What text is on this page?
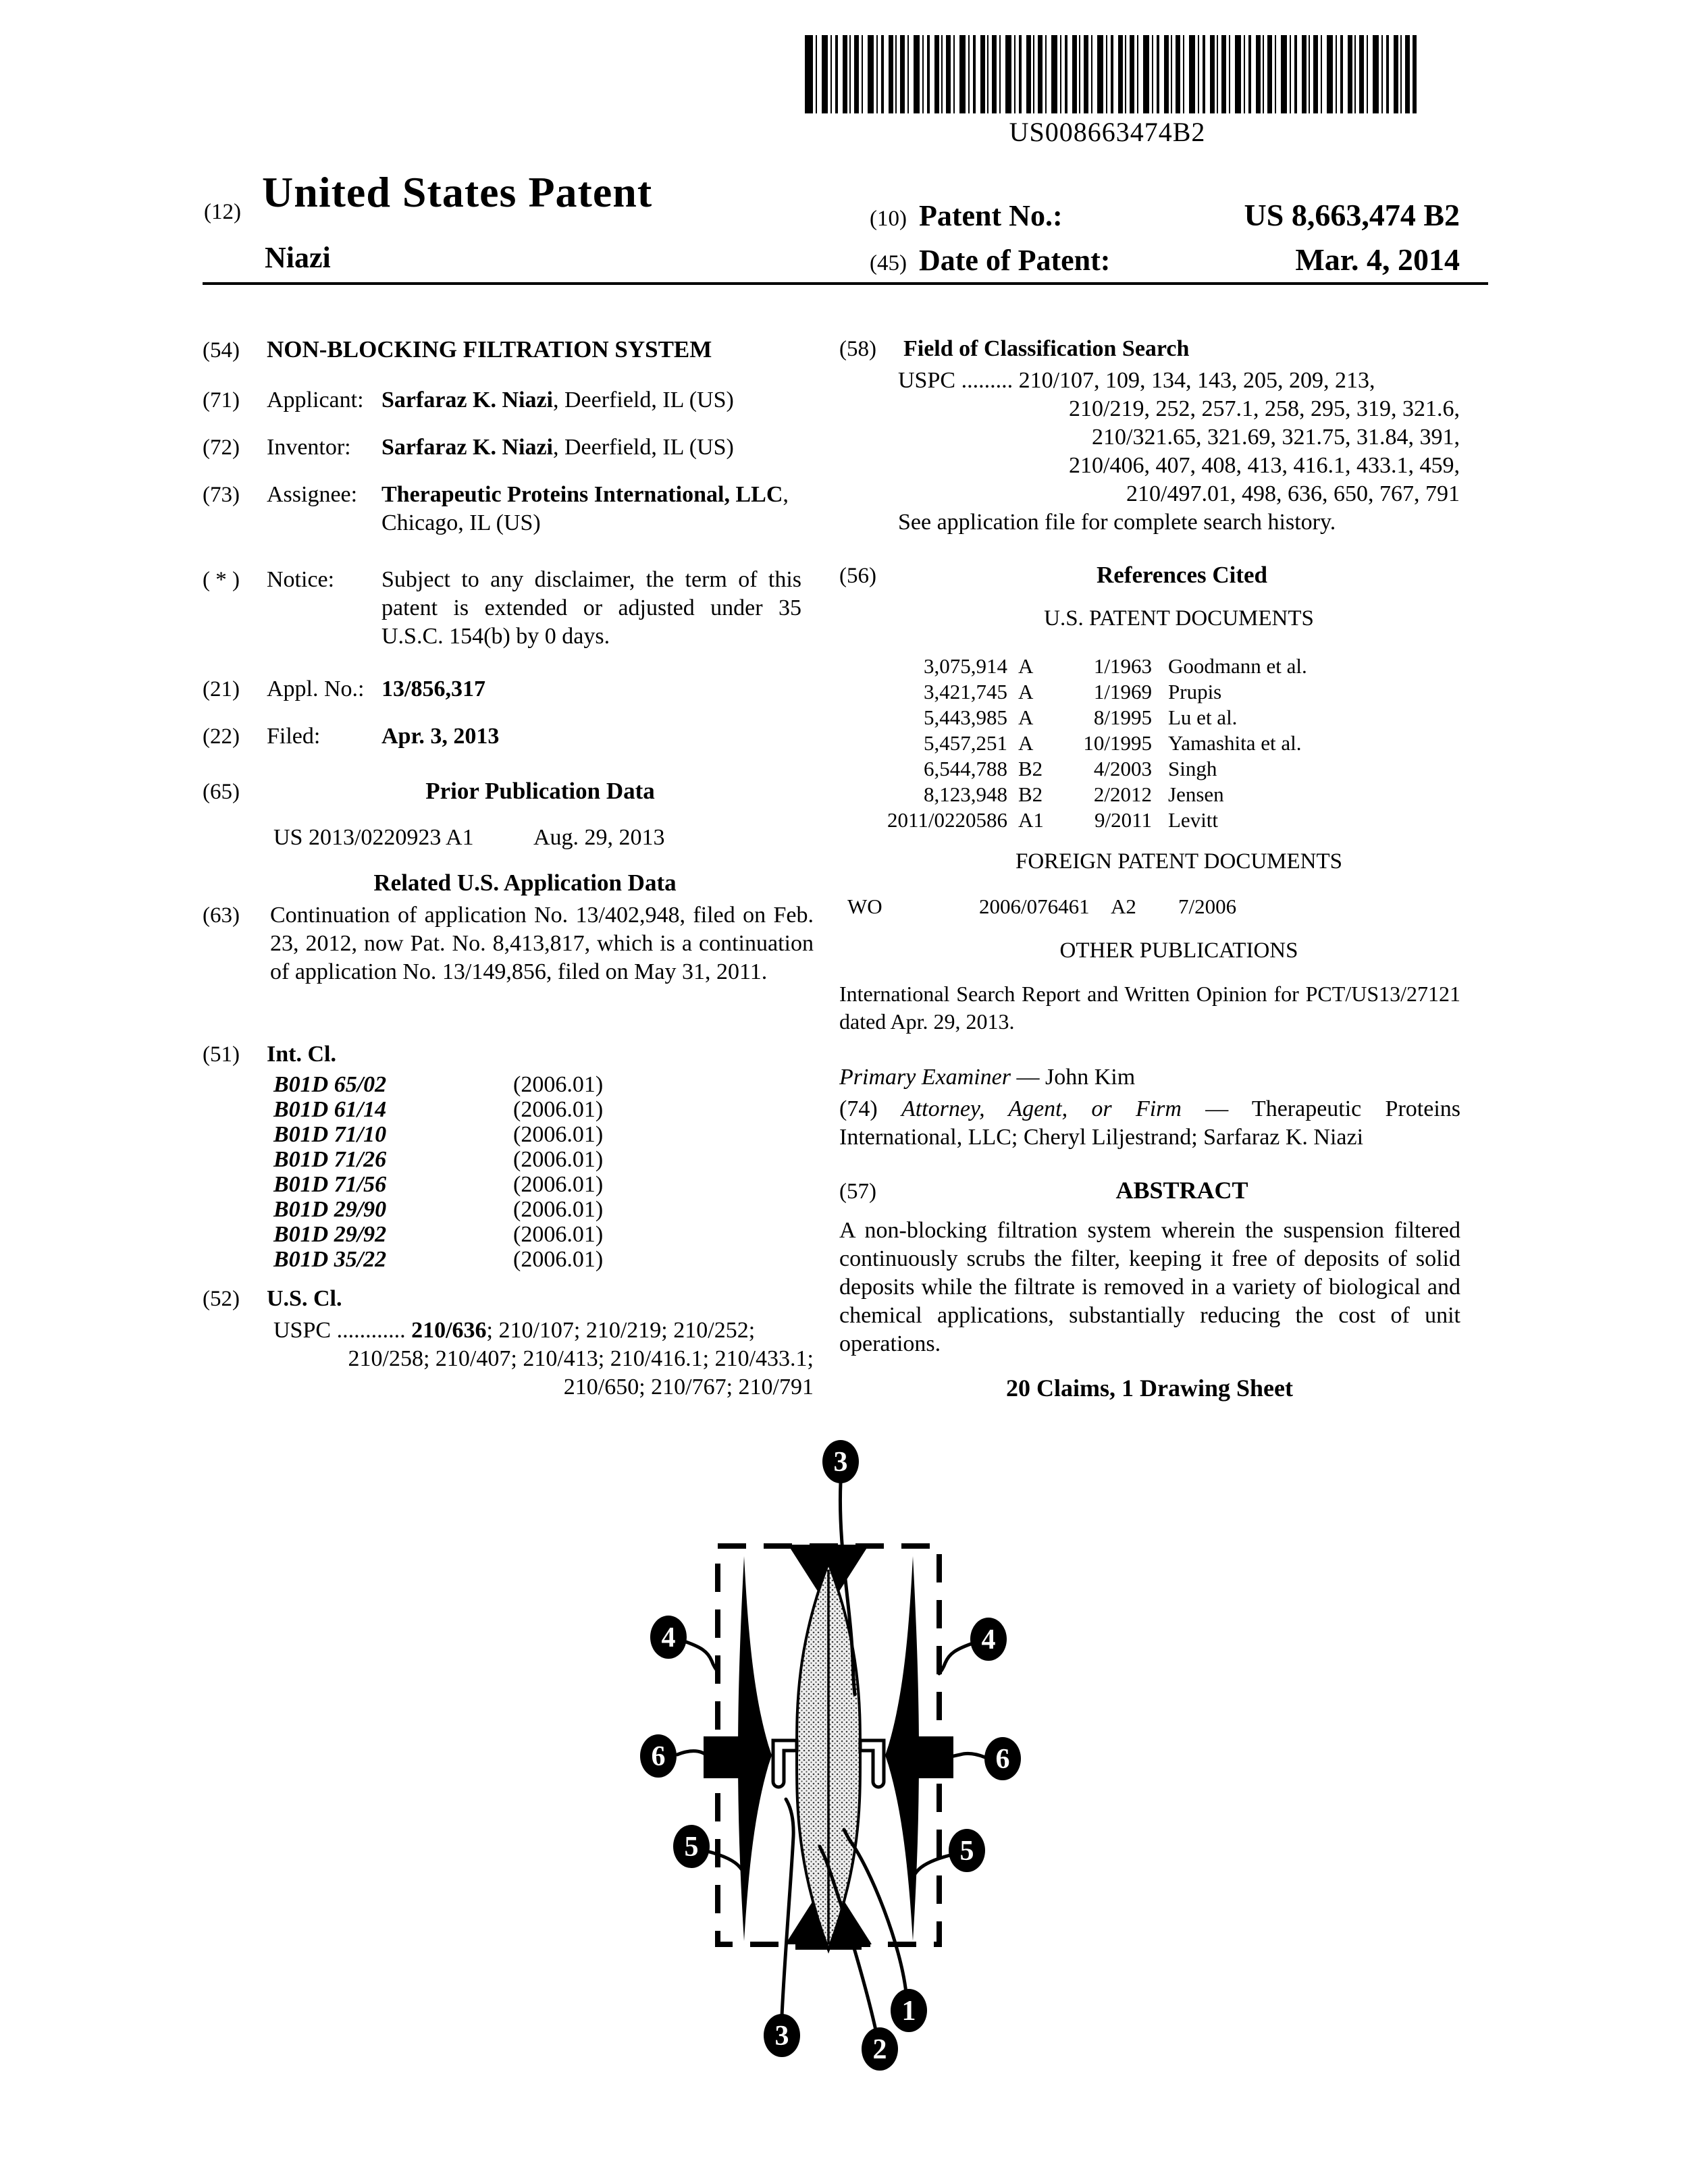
US008663474B2
(12) United States Patent
Niazi
(10) Patent No.:	US 8,663,474 B2
(45) Date of Patent:	Mar. 4, 2014
(54)	NON-BLOCKING FILTRATION SYSTEM
(71)	Applicant: Sarfaraz K. Niazi, Deerfield, IL (US)
(72)	Inventor:	Sarfaraz K. Niazi, Deerfield, IL (US)
(73)	Assignee:	Therapeutic Proteins International, LLC, Chicago, IL (US)
( * )	Notice:	Subject to any disclaimer, the term of this patent is extended or adjusted under 35 U.S.C. 154(b) by 0 days.
(21)	Appl. No.: 13/856,317
(22)	Filed:	Apr. 3, 2013
(65)	Prior Publication Data
US 2013/0220923 A1	Aug. 29, 2013
Related U.S. Application Data
(63)	Continuation of application No. 13/402,948, filed on Feb. 23, 2012, now Pat. No. 8,413,817, which is a continuation of application No. 13/149,856, filed on May 31, 2011.
(51)	Int. Cl.
B01D 65/02	(2006.01)
B01D 61/14	(2006.01)
B01D 71/10	(2006.01)
B01D 71/26	(2006.01)
B01D 71/56	(2006.01)
B01D 29/90	(2006.01)
B01D 29/92	(2006.01)
B01D 35/22	(2006.01)
(52)	U.S. Cl.
USPC ............ 210/636; 210/107; 210/219; 210/252;
210/258; 210/407; 210/413; 210/416.1; 210/433.1;
210/650; 210/767; 210/791
(58)	Field of Classification Search
USPC ......... 210/107, 109, 134, 143, 205, 209, 213,
210/219, 252, 257.1, 258, 295, 319, 321.6,
210/321.65, 321.69, 321.75, 31.84, 391,
210/406, 407, 408, 413, 416.1, 433.1, 459,
210/497.01, 498, 636, 650, 767, 791
See application file for complete search history.
(56)	References Cited
U.S. PATENT DOCUMENTS
3,075,914 A	1/1963 Goodmann et al.
3,421,745 A	1/1969 Prupis
5,443,985 A	8/1995 Lu et al.
5,457,251 A	10/1995 Yamashita et al.
6,544,788 B2	4/2003 Singh
8,123,948 B2	2/2012 Jensen
2011/0220586 A1	9/2011 Levitt
FOREIGN PATENT DOCUMENTS
WO	2006/076461	A2	7/2006
OTHER PUBLICATIONS
International Search Report and Written Opinion for PCT/US13/27121 dated Apr. 29, 2013.
Primary Examiner — John Kim
(74) Attorney, Agent, or Firm — Therapeutic Proteins International, LLC; Cheryl Liljestrand; Sarfaraz K. Niazi
(57)	ABSTRACT
A non-blocking filtration system wherein the suspension filtered continuously scrubs the filter, keeping it free of deposits of solid deposits while the filtrate is removed in a variety of biological and chemical applications, substantially reducing the cost of unit operations.
20 Claims, 1 Drawing Sheet
3
4	4
6	6
5	5
3	2
1
